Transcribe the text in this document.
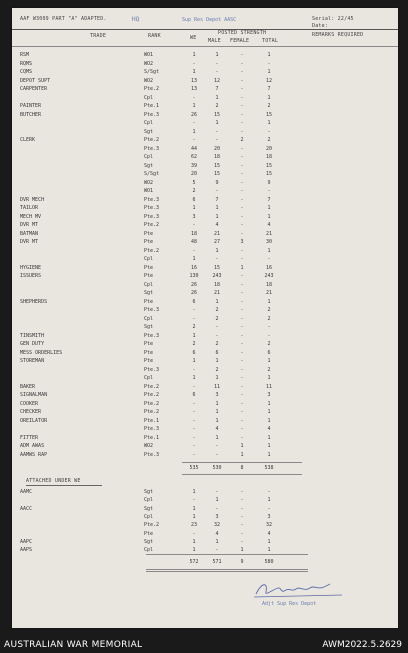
AAF W3009 PART "A" ADAPTED.	HQ	Sup Res Depot AASC	Serial: 22/45
Date:
TRADE	RANK	WE
POSTED STRENGTH
MALE FEMALE	TOTAL
REMARKS REQUIRED
RSM	WO1	1	1	-	1
RQMS	WO2	-	-	-	-
CQMS	S/Sgt	1	-	-	1
DEPOT SUPT	WO2	13	12	-	12
CARPENTER	Pte.2	13	7	-	7
Cpl	-	1	-	1
PAINTER	Pte.1	1	2	-	2
BUTCHER	Pte.3	26	15	-	15
Cpl	-	1	-	1
Sgt	1	-	-	-
CLERK	Pte.2	-	-	2	2
Pte.3	44	20	-	20
Cpl	62	18	-	18
Sgt	39	15	-	15
S/Sgt	20	15	-	15
WO2	5	9	-	9
WO1	2	-	-	-
DVR MECH	Pte.3	6	7	-	7
TAILOR	Pte.3	1	1	-	1
MECH MV	Pte.3	3	1	-	1
DVR MT	Pte.2	-	4	-	4
BATMAN	Pte	18	21	-	21
DVR MT	Pte	48	27	3	30
Pte.2	-	1	-	1
Cpl	1	-	-	-
HYGIENE	Pte	16	15	1	16
ISSUERS	Pte	130	243	-	243
Cpl	26	18	-	18
Sgt	26	21	-	21
SHEPHERDS	Pte	6	1	-	1
Pte.3	-	2	-	2
Cpl	-	2	-	2
Sgt	2	-	-	-
TINSMITH	Pte.3	1	-	-	-
GEN DUTY	Pte	2	2	-	2
MESS ORDERLIES	Pte	6	6	-	6
STOREMAN	Pte	1	1	-	1
Pte.3	-	2	-	2
Cpl	1	1	-	1
BAKER	Pte.2	-	11	-	11
SIGNALMAN	Pte.2	6	3	-	3
COOKER	Pte.2	-	1	-	1
CHECKER	Pte.2	-	1	-	1
OREILATOR	Pte.1	-	1	-	1
Pte.3	-	4	-	4
FITTER	Pte.1	-	1	-	1
ADM AWAS	WO2	-	-	1	1
AAMWS RAP	Pte.3	-	-	1	1
535	530	8	538
ATTACHED UNDER WE
AAMC	Sgt	1	-	-	-
Cpl	-	1	-	1
AACC	Sgt	1	-	-	-
Cpl	1	3	-	3
Pte.2	23	32	-	32
Pte	-	4	-	4
AAPC	Sgt	1	1	-	1
AAPS	Cpl	1	-	1	1
572	571	9	580
Adjt Sup Res Depot
AUSTRALIAN WAR MEMORIAL	AWM2022.5.2629
